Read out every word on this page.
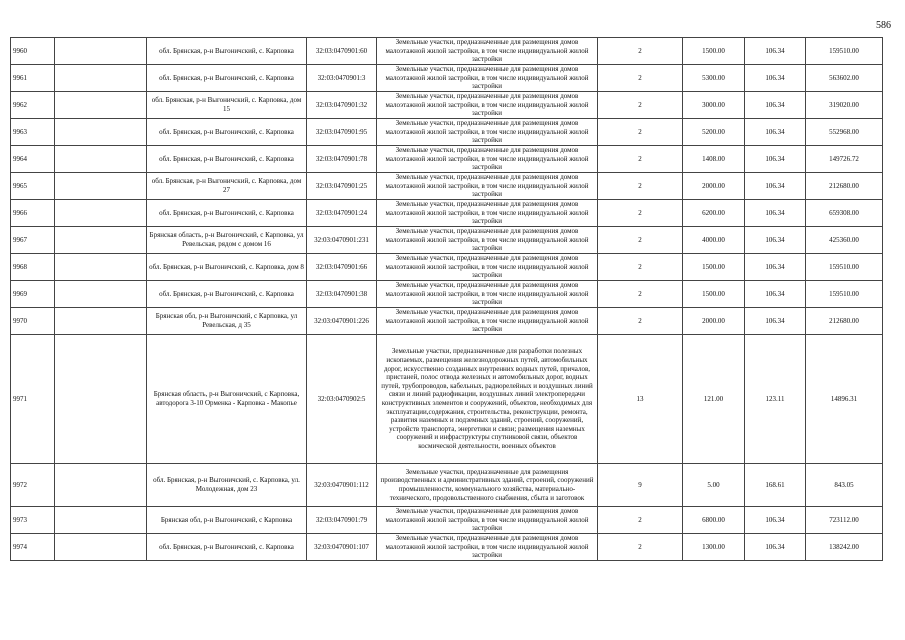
586
9960		обл. Брянская, р-н Выгоничский, с. Карповка	32:03:0470901:60	Земельные участки, предназначенные для размещения домов малоэтажной жилой застройки, в том числе индивидуальной жилой застройки	2	1500.00	106.34	159510.00
9961		обл. Брянская, р-н Выгоничский, с. Карповка	32:03:0470901:3	Земельные участки, предназначенные для размещения домов малоэтажной жилой застройки, в том числе индивидуальной жилой застройки	2	5300.00	106.34	563602.00
9962		обл. Брянская, р-н Выгоничский, с. Карповка, дом 15	32:03:0470901:32	Земельные участки, предназначенные для размещения домов малоэтажной жилой застройки, в том числе индивидуальной жилой застройки	2	3000.00	106.34	319020.00
9963		обл. Брянская, р-н Выгоничский, с. Карповка	32:03:0470901:95	Земельные участки, предназначенные для размещения домов малоэтажной жилой застройки, в том числе индивидуальной жилой застройки	2	5200.00	106.34	552968.00
9964		обл. Брянская, р-н Выгоничский, с. Карповка	32:03:0470901:78	Земельные участки, предназначенные для размещения домов малоэтажной жилой застройки, в том числе индивидуальной жилой застройки	2	1408.00	106.34	149726.72
9965		обл. Брянская, р-н Выгоничский, с. Карповка, дом 27	32:03:0470901:25	Земельные участки, предназначенные для размещения домов малоэтажной жилой застройки, в том числе индивидуальной жилой застройки	2	2000.00	106.34	212680.00
9966		обл. Брянская, р-н Выгоничский, с. Карповка	32:03:0470901:24	Земельные участки, предназначенные для размещения домов малоэтажной жилой застройки, в том числе индивидуальной жилой застройки	2	6200.00	106.34	659308.00
9967		Брянская область, р-н Выгоничский, с Карповка, ул Ревельская, рядом с домом 16	32:03:0470901:231	Земельные участки, предназначенные для размещения домов малоэтажной жилой застройки, в том числе индивидуальной жилой застройки	2	4000.00	106.34	425360.00
9968		обл. Брянская, р-н Выгоничский, с. Карповка, дом 8	32:03:0470901:66	Земельные участки, предназначенные для размещения домов малоэтажной жилой застройки, в том числе индивидуальной жилой застройки	2	1500.00	106.34	159510.00
9969		обл. Брянская, р-н Выгоничский, с. Карповка	32:03:0470901:38	Земельные участки, предназначенные для размещения домов малоэтажной жилой застройки, в том числе индивидуальной жилой застройки	2	1500.00	106.34	159510.00
9970		Брянская обл, р-н Выгоничский, с Карповка, ул Ревельская, д 35	32:03:0470901:226	Земельные участки, предназначенные для размещения домов малоэтажной жилой застройки, в том числе индивидуальной жилой застройки	2	2000.00	106.34	212680.00
9971		Брянская область, р-н Выгоничский, с Карповка, автодорога 3-10 Орменка - Карповка - Макопье	32:03:0470902:5	Земельные участки, предназначенные для разработки полезных ископаемых, размещения железнодорожных путей, автомобильных дорог, искусственно созданных внутренних водных путей, причалов, пристаней, полос отвода железных и автомобильных дорог, водных путей, трубопроводов, кабельных, радиорелейных и воздушных линий связи и линий радиофикации, воздушных линий электропередачи конструктивных элементов и сооружений, объектов, необходимых для эксплуатации,содержания, строительства, реконструкции, ремонта, развития наземных и подземных зданий, строений, сооружений, устройств транспорта, энергетики и связи; размещения наземных сооружений и инфраструктуры спутниковой связи, объектов космической деятельности, военных объектов	13	121.00	123.11	14896.31
9972		обл. Брянская, р-н Выгоничский, с. Карповка, ул. Молодежная, дом 23	32:03:0470901:112	Земельные участки, предназначенные для размещения производственных и административных зданий, строений, сооружений промышленности, коммунального хозяйства, материально-технического, продовольственного снабжения, сбыта и заготовок	9	5.00	168.61	843.05
9973		Брянская обл, р-н Выгоничский, с Карповка	32:03:0470901:79	Земельные участки, предназначенные для размещения домов малоэтажной жилой застройки, в том числе индивидуальной жилой застройки	2	6800.00	106.34	723112.00
9974		обл. Брянская, р-н Выгоничский, с. Карповка	32:03:0470901:107	Земельные участки, предназначенные для размещения домов малоэтажной жилой застройки, в том числе индивидуальной жилой застройки	2	1300.00	106.34	138242.00
